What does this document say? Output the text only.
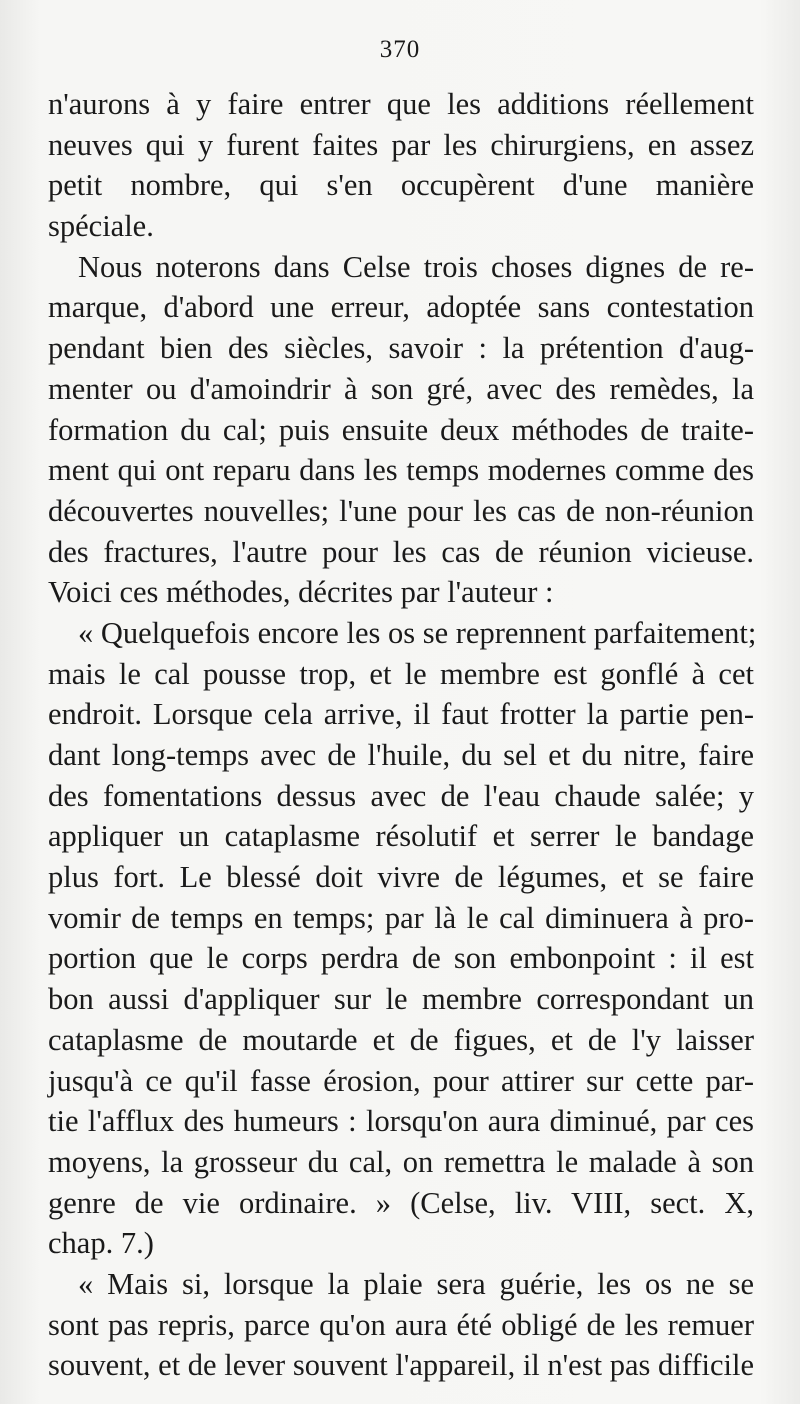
370
n'aurons à y faire entrer que les additions réellement
neuves qui y furent faites par les chirurgiens, en assez
petit nombre, qui s'en occupèrent d'une manière
spéciale.
Nous noterons dans Celse trois choses dignes de re-
marque, d'abord une erreur, adoptée sans contestation
pendant bien des siècles, savoir : la prétention d'aug-
menter ou d'amoindrir à son gré, avec des remèdes, la
formation du cal; puis ensuite deux méthodes de traite-
ment qui ont reparu dans les temps modernes comme des
découvertes nouvelles; l'une pour les cas de non-réunion
des fractures, l'autre pour les cas de réunion vicieuse.
Voici ces méthodes, décrites par l'auteur :
« Quelquefois encore les os se reprennent parfaitement;
mais le cal pousse trop, et le membre est gonflé à cet
endroit. Lorsque cela arrive, il faut frotter la partie pen-
dant long-temps avec de l'huile, du sel et du nitre, faire
des fomentations dessus avec de l'eau chaude salée; y
appliquer un cataplasme résolutif et serrer le bandage
plus fort. Le blessé doit vivre de légumes, et se faire
vomir de temps en temps; par là le cal diminuera à pro-
portion que le corps perdra de son embonpoint : il est
bon aussi d'appliquer sur le membre correspondant un
cataplasme de moutarde et de figues, et de l'y laisser
jusqu'à ce qu'il fasse érosion, pour attirer sur cette par-
tie l'afflux des humeurs : lorsqu'on aura diminué, par ces
moyens, la grosseur du cal, on remettra le malade à son
genre de vie ordinaire. » (Celse, liv. VIII, sect. X,
chap. 7.)
« Mais si, lorsque la plaie sera guérie, les os ne se
sont pas repris, parce qu'on aura été obligé de les remuer
souvent, et de lever souvent l'appareil, il n'est pas difficile
